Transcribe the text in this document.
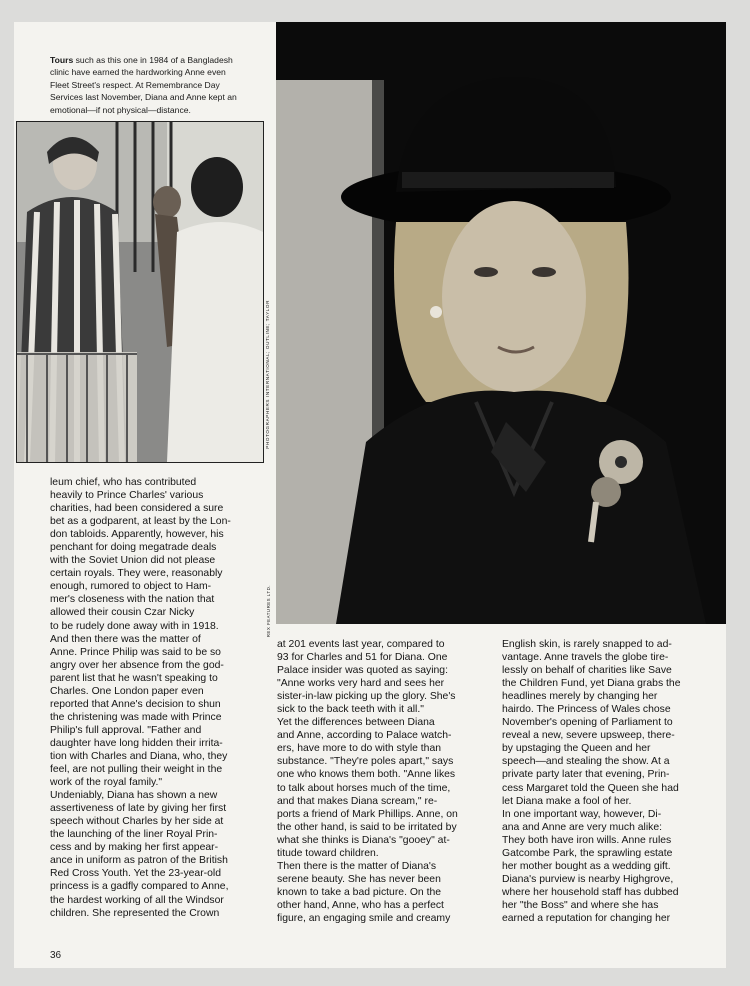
Tours such as this one in 1984 of a Bangladesh
clinic have earned the hardworking Anne even
Fleet Street's respect. At Remembrance Day
Services last November, Diana and Anne kept an
emotional—if not physical—distance.
PHOTOGRAPHERS INTERNATIONAL; OUTLINE; TAYLOR
REX FEATURES LTD.

leum chief, who has contributed

heavily to Prince Charles' various

charities, had been considered a sure

bet as a godparent, at least by the Lon-

don tabloids. Apparently, however, his

penchant for doing megatrade deals

with the Soviet Union did not please

certain royals. They were, reasonably

enough, rumored to object to Ham-

mer's closeness with the nation that

allowed their cousin Czar Nicky

to be rudely done away with in 1918.

And then there was the matter of

Anne. Prince Philip was said to be so

angry over her absence from the god-

parent list that he wasn't speaking to

Charles. One London paper even

reported that Anne's decision to shun

the christening was made with Prince

Philip's full approval. "Father and

daughter have long hidden their irrita-

tion with Charles and Diana, who, they

feel, are not pulling their weight in the

work of the royal family."

Undeniably, Diana has shown a new

assertiveness of late by giving her first

speech without Charles by her side at

the launching of the liner Royal Prin-

cess and by making her first appear-

ance in uniform as patron of the British

Red Cross Youth. Yet the 23-year-old

princess is a gadfly compared to Anne,

the hardest working of all the Windsor

children. She represented the Crown

at 201 events last year, compared to

93 for Charles and 51 for Diana. One

Palace insider was quoted as saying:

"Anne works very hard and sees her

sister-in-law picking up the glory. She's

sick to the back teeth with it all."

Yet the differences between Diana

and Anne, according to Palace watch-

ers, have more to do with style than

substance. "They're poles apart," says

one who knows them both. "Anne likes

to talk about horses much of the time,

and that makes Diana scream," re-

ports a friend of Mark Phillips. Anne, on

the other hand, is said to be irritated by

what she thinks is Diana's "gooey" at-

titude toward children.

Then there is the matter of Diana's

serene beauty. She has never been

known to take a bad picture. On the

other hand, Anne, who has a perfect

figure, an engaging smile and creamy

English skin, is rarely snapped to ad-

vantage. Anne travels the globe tire-

lessly on behalf of charities like Save

the Children Fund, yet Diana grabs the

headlines merely by changing her

hairdo. The Princess of Wales chose

November's opening of Parliament to

reveal a new, severe upsweep, there-

by upstaging the Queen and her

speech—and stealing the show. At a

private party later that evening, Prin-

cess Margaret told the Queen she had

let Diana make a fool of her.

In one important way, however, Di-

ana and Anne are very much alike:

They both have iron wills. Anne rules

Gatcombe Park, the sprawling estate

her mother bought as a wedding gift.

Diana's purview is nearby Highgrove,

where her household staff has dubbed

her "the Boss" and where she has

earned a reputation for changing her

36
